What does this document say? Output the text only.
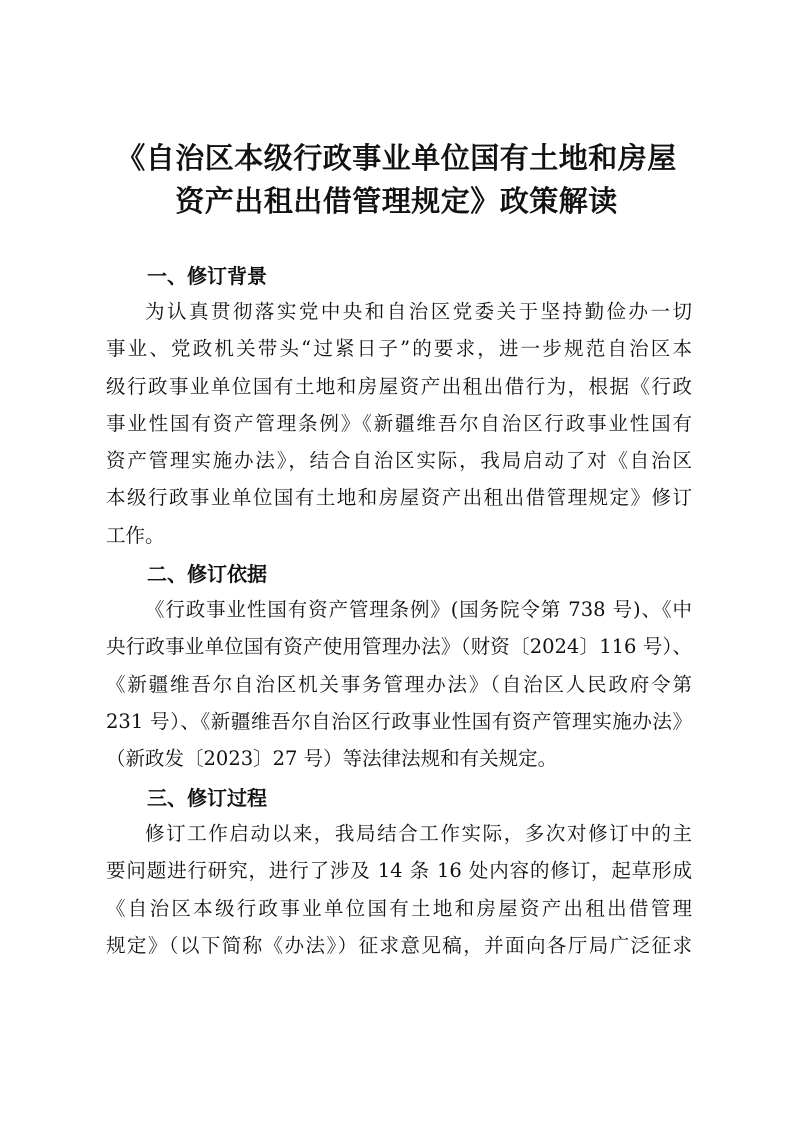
《自治区本级行政事业单位国有土地和房屋
资产出租出借管理规定》政策解读
一、修订背景
为认真贯彻落实党中央和自治区党委关于坚持勤俭办一切
事业、党政机关带头“过紧日子”的要求，进一步规范自治区本
级行政事业单位国有土地和房屋资产出租出借行为，根据《行政
事业性国有资产管理条例》《新疆维吾尔自治区行政事业性国有
资产管理实施办法》，结合自治区实际，我局启动了对《自治区
本级行政事业单位国有土地和房屋资产出租出借管理规定》修订
工作。
二、修订依据
《行政事业性国有资产管理条例》(国务院令第 738 号)、《中
央行政事业单位国有资产使用管理办法》（财资〔2024〕116 号）、
《新疆维吾尔自治区机关事务管理办法》（自治区人民政府令第
231 号）、《新疆维吾尔自治区行政事业性国有资产管理实施办法》
（新政发〔2023〕27 号）等法律法规和有关规定。
三、修订过程
修订工作启动以来，我局结合工作实际，多次对修订中的主
要问题进行研究，进行了涉及 14 条 16 处内容的修订，起草形成
《自治区本级行政事业单位国有土地和房屋资产出租出借管理
规定》（以下简称《办法》）征求意见稿，并面向各厅局广泛征求
